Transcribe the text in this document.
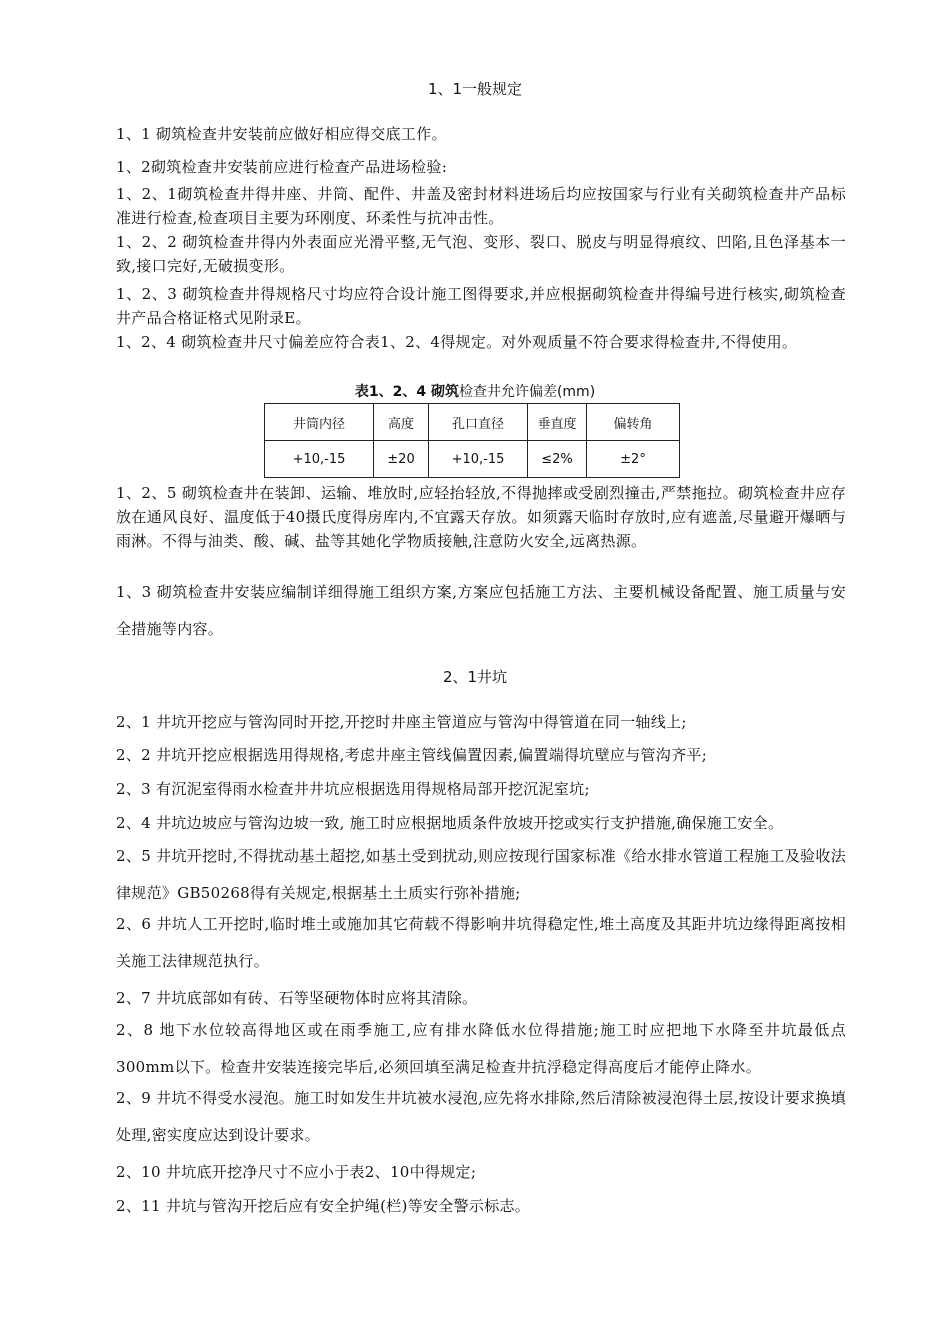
1、1一般规定
1、1 砌筑检查井安装前应做好相应得交底工作。
1、2砌筑检查井安装前应进行检查产品进场检验:
1、2、1砌筑检查井得井座、井筒、配件、井盖及密封材料进场后均应按国家与行业有关砌筑检查井产品标准进行检查,检查项目主要为环刚度、环柔性与抗冲击性。
1、2、2 砌筑检查井得内外表面应光滑平整,无气泡、变形、裂口、脱皮与明显得痕纹、凹陷,且色泽基本一致,接口完好,无破损变形。
1、2、3 砌筑检查井得规格尺寸均应符合设计施工图得要求,并应根据砌筑检查井得编号进行核实,砌筑检查井产品合格证格式见附录E。
1、2、4 砌筑检查井尺寸偏差应符合表1、2、4得规定。对外观质量不符合要求得检查井,不得使用。
表1、2、4 砌筑检查井允许偏差(mm)
井筒内径	高度	孔口直径	垂直度	偏转角
+10,-15	±20	+10,-15	≤2%	±2°
1、2、5 砌筑检查井在装卸、运输、堆放时,应轻抬轻放,不得抛摔或受剧烈撞击,严禁拖拉。砌筑检查井应存放在通风良好、温度低于40摄氏度得房库内,不宜露天存放。如须露天临时存放时,应有遮盖,尽量避开爆晒与雨淋。不得与油类、酸、碱、盐等其她化学物质接触,注意防火安全,远离热源。
1、3 砌筑检查井安装应编制详细得施工组织方案,方案应包括施工方法、主要机械设备配置、施工质量与安全措施等内容。
2、1井坑
2、1 井坑开挖应与管沟同时开挖,开挖时井座主管道应与管沟中得管道在同一轴线上;
2、2 井坑开挖应根据选用得规格,考虑井座主管线偏置因素,偏置端得坑壁应与管沟齐平;
2、3 有沉泥室得雨水检查井井坑应根据选用得规格局部开挖沉泥室坑;
2、4 井坑边坡应与管沟边坡一致, 施工时应根据地质条件放坡开挖或实行支护措施,确保施工安全。
2、5 井坑开挖时,不得扰动基土超挖,如基土受到扰动,则应按现行国家标准《给水排水管道工程施工及验收法律规范》GB50268得有关规定,根据基土土质实行弥补措施;
2、6 井坑人工开挖时,临时堆土或施加其它荷载不得影响井坑得稳定性,堆土高度及其距井坑边缘得距离按相关施工法律规范执行。
2、7 井坑底部如有砖、石等坚硬物体时应将其清除。
2、8 地下水位较高得地区或在雨季施工,应有排水降低水位得措施;施工时应把地下水降至井坑最低点300mm以下。检查井安装连接完毕后,必须回填至满足检查井抗浮稳定得高度后才能停止降水。
2、9 井坑不得受水浸泡。施工时如发生井坑被水浸泡,应先将水排除,然后清除被浸泡得土层,按设计要求换填处理,密实度应达到设计要求。
2、10 井坑底开挖净尺寸不应小于表2、10中得规定;
2、11 井坑与管沟开挖后应有安全护绳(栏)等安全警示标志。
